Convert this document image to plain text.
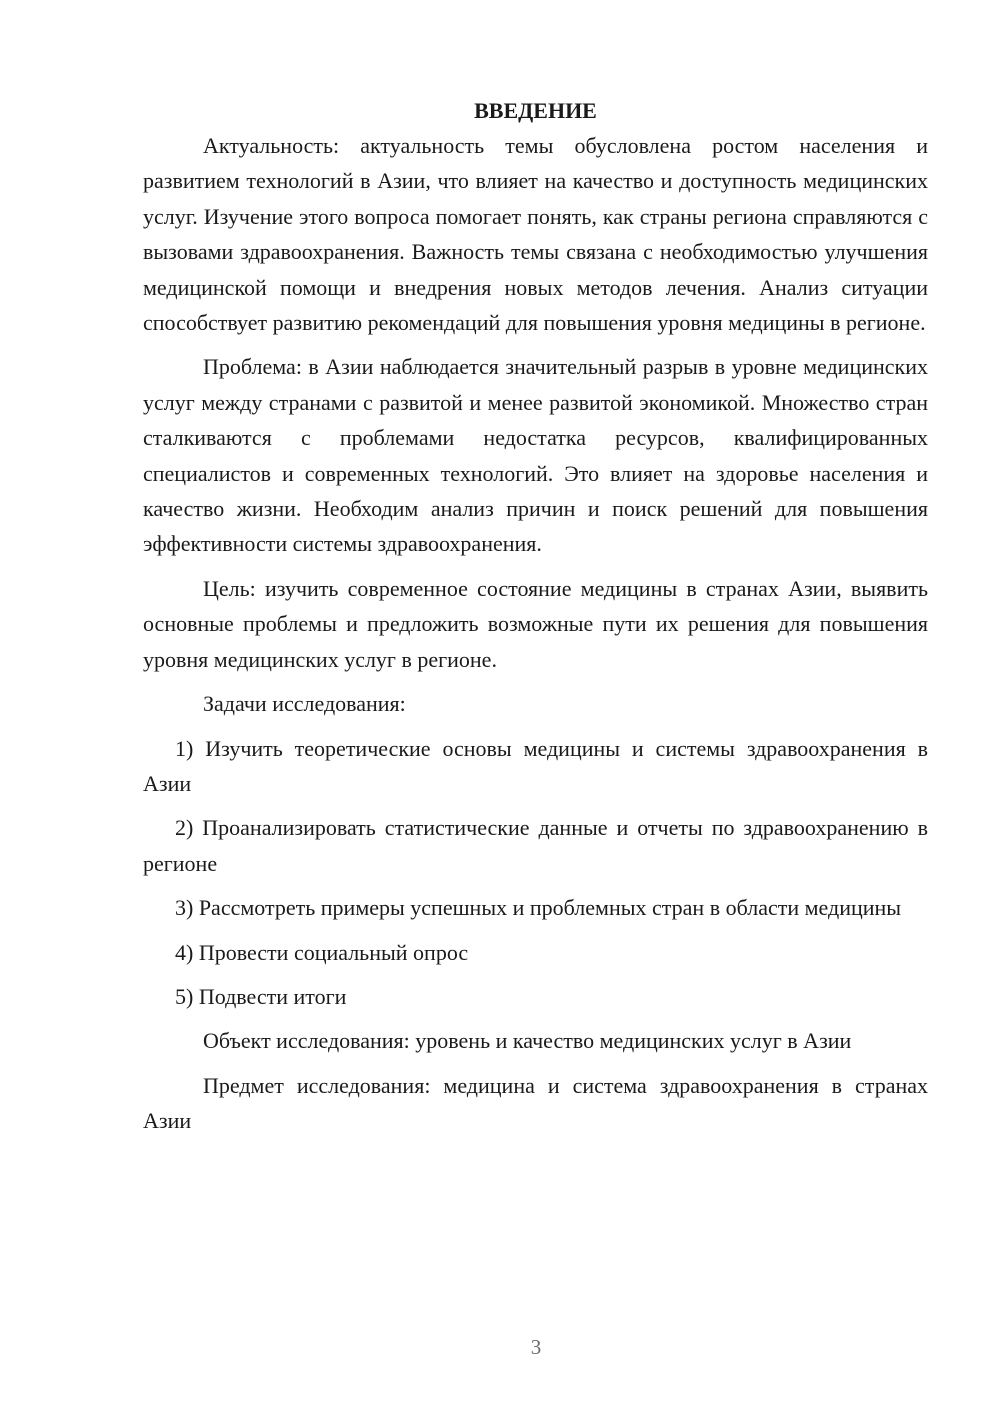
ВВЕДЕНИЕ

Актуальность: актуальность темы обусловлена ростом населения и развитием технологий в Азии, что влияет на качество и доступность медицинских услуг. Изучение этого вопроса помогает понять, как страны региона справляются с вызовами здравоохранения. Важность темы связана с необходимостью улучшения медицинской помощи и внедрения новых методов лечения. Анализ ситуации способствует развитию рекомендаций для повышения уровня медицины в регионе.

Проблема: в Азии наблюдается значительный разрыв в уровне медицинских услуг между странами с развитой и менее развитой экономикой. Множество стран сталкиваются с проблемами недостатка ресурсов, квалифицированных специалистов и современных технологий. Это влияет на здоровье населения и качество жизни. Необходим анализ причин и поиск решений для повышения эффективности системы здравоохранения.

Цель: изучить современное состояние медицины в странах Азии, выявить основные проблемы и предложить возможные пути их решения для повышения уровня медицинских услуг в регионе.

Задачи исследования:

1) Изучить теоретические основы медицины и системы здравоохранения в Азии

2) Проанализировать статистические данные и отчеты по здравоохранению в регионе

3) Рассмотреть примеры успешных и проблемных стран в области медицины

4) Провести социальный опрос

5) Подвести итоги

Объект исследования: уровень и качество медицинских услуг в Азии

Предмет исследования: медицина и система здравоохранения в странах Азии

3
